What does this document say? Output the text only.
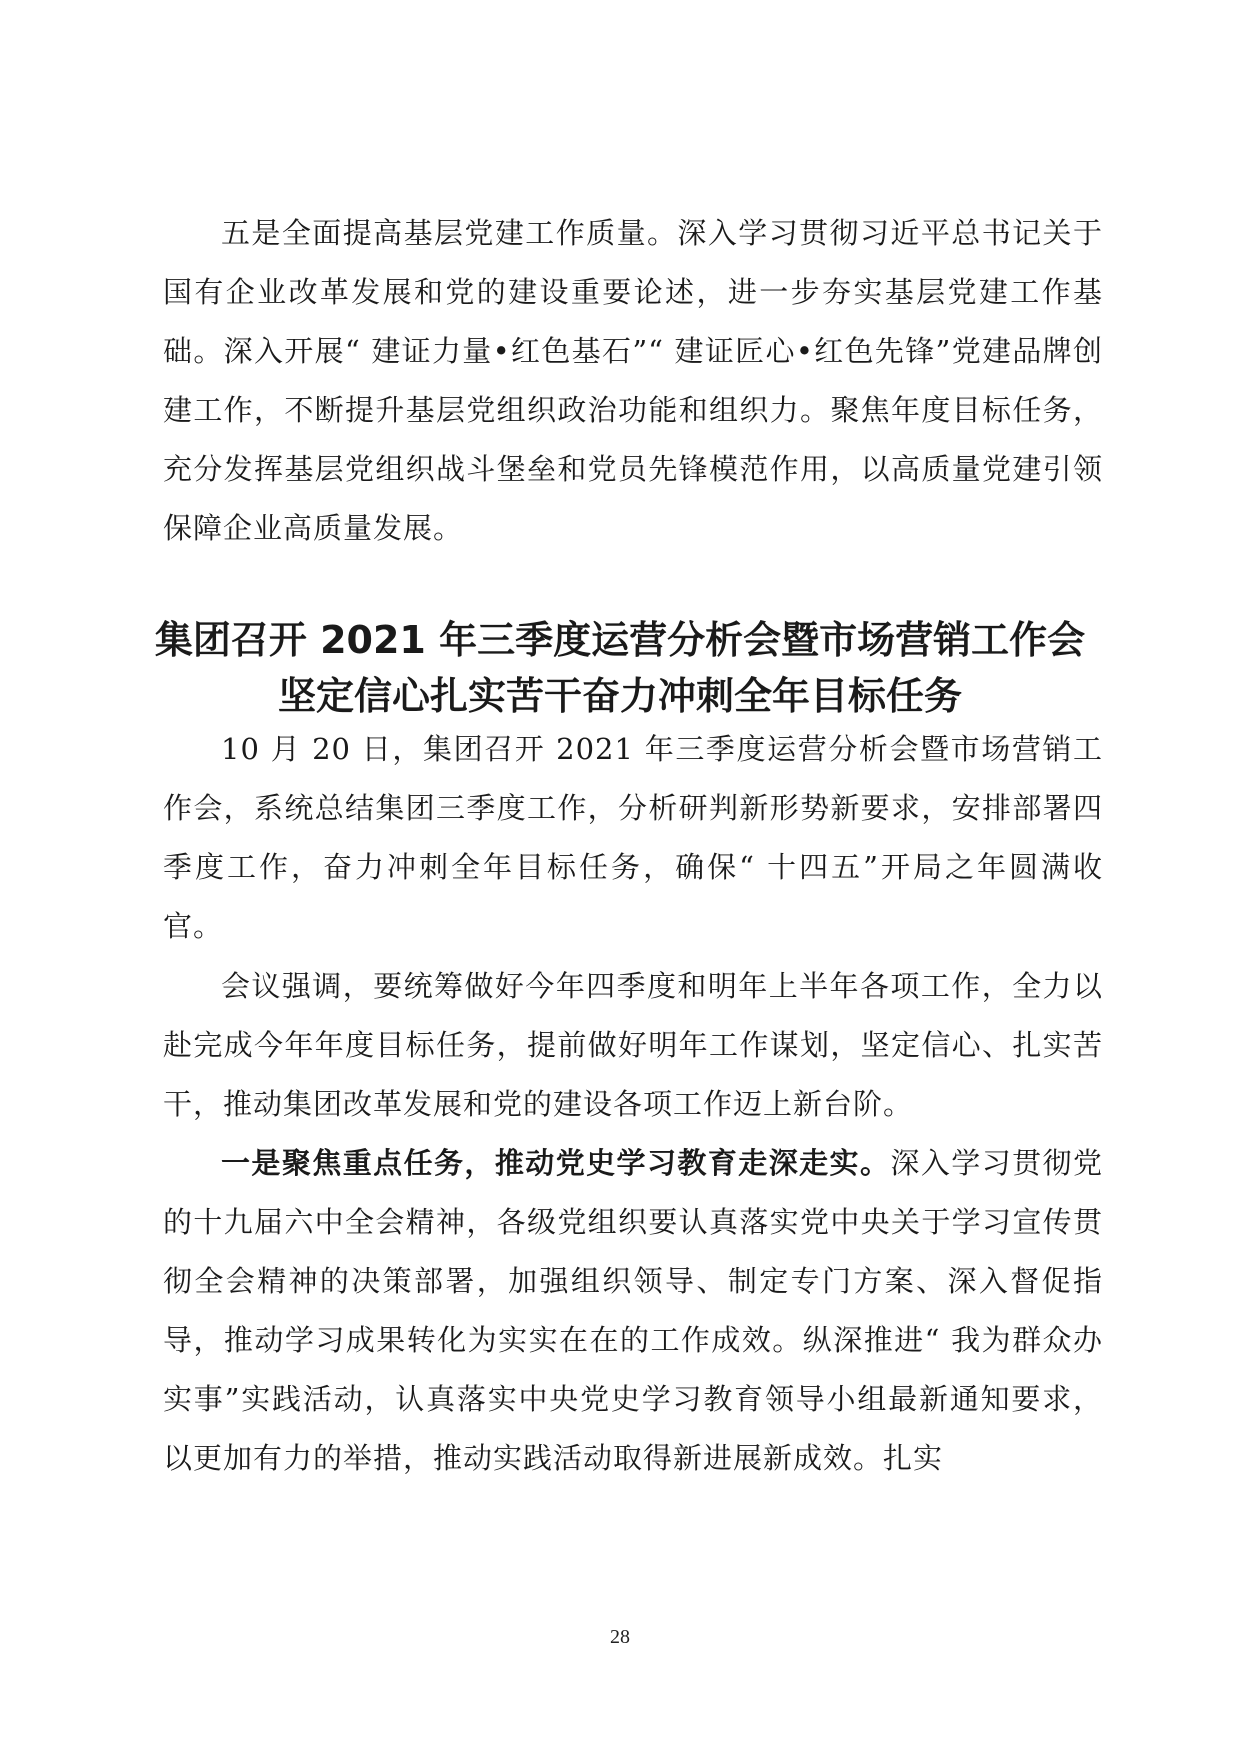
五是全面提高基层党建工作质量。深入学习贯彻习近平总书记关于国有企业改革发展和党的建设重要论述，进一步夯实基层党建工作基础。深入开展“ 建证力量•红色基石”“ 建证匠心•红色先锋”党建品牌创建工作，不断提升基层党组织政治功能和组织力。聚焦年度目标任务，充分发挥基层党组织战斗堡垒和党员先锋模范作用，以高质量党建引领保障企业高质量发展。

集团召开 2021 年三季度运营分析会暨市场营销工作会
坚定信心扎实苦干奋力冲刺全年目标任务

10 月 20 日，集团召开 2021 年三季度运营分析会暨市场营销工作会，系统总结集团三季度工作，分析研判新形势新要求，安排部署四季度工作，奋力冲刺全年目标任务，确保“ 十四五”开局之年圆满收官。

会议强调，要统筹做好今年四季度和明年上半年各项工作，全力以赴完成今年年度目标任务，提前做好明年工作谋划，坚定信心、扎实苦干，推动集团改革发展和党的建设各项工作迈上新台阶。

一是聚焦重点任务，推动党史学习教育走深走实。深入学习贯彻党的十九届六中全会精神，各级党组织要认真落实党中央关于学习宣传贯彻全会精神的决策部署，加强组织领导、制定专门方案、深入督促指导，推动学习成果转化为实实在在的工作成效。纵深推进“ 我为群众办实事”实践活动，认真落实中央党史学习教育领导小组最新通知要求，以更加有力的举措，推动实践活动取得新进展新成效。扎实

28
